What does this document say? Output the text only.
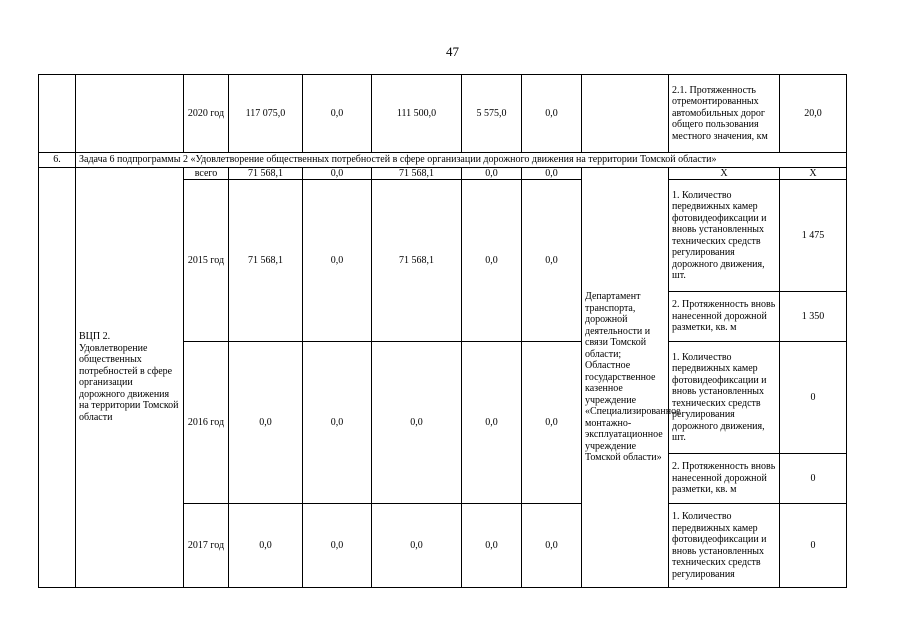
47
		2020 год	117 075,0	0,0	111 500,0	5 575,0	0,0		2.1. Протяженность отремонтированных автомобильных дорог общего пользования местного значения, км	20,0
6.	Задача 6 подпрограммы 2 «Удовлетворение общественных потребностей в сфере организации дорожного движения на территории Томской области»									
	ВЦП 2. Удовлетворение общественных потребностей в сфере организации дорожного движения на территории Томской области	всего	71 568,1	0,0	71 568,1	0,0	0,0	Департамент транспорта, дорожной деятельности и связи Томской области; Областное государственное казенное учреждение «Специализированное монтажно-эксплуатационное учреждение Томской области»	Х	Х
		2015 год	71 568,1	0,0	71 568,1	0,0	0,0		1. Количество передвижных камер фотовидеофиксации и вновь установленных технических средств регулирования дорожного движения, шт.	1 475
									2. Протяженность вновь нанесенной дорожной разметки, кв. м	1 350
		2016 год	0,0	0,0	0,0	0,0	0,0		1. Количество передвижных камер фотовидеофиксации и вновь установленных технических средств регулирования дорожного движения, шт.	0
									2. Протяженность вновь нанесенной дорожной разметки, кв. м	0
		2017 год	0,0	0,0	0,0	0,0	0,0		1. Количество передвижных камер фотовидеофиксации и вновь установленных технических средств регулирования	0
